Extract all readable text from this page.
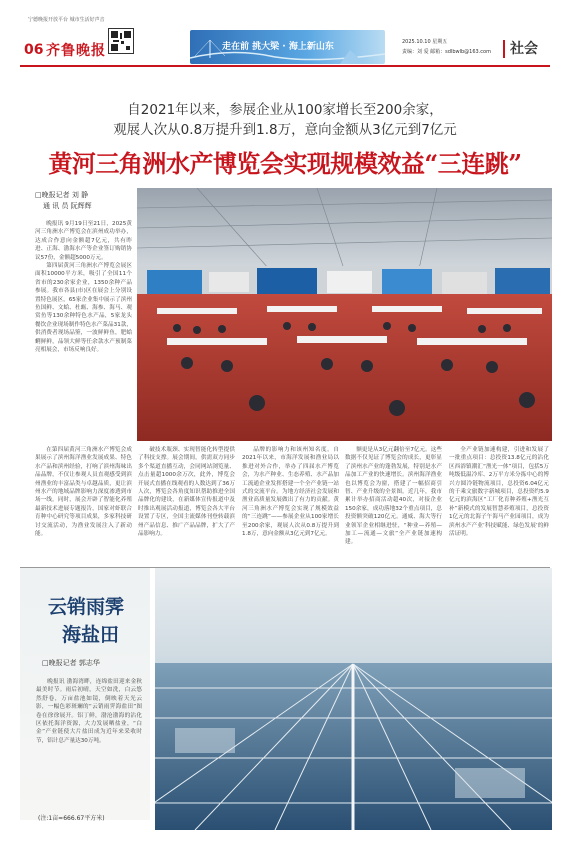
宁德晚报开放平台 城市生活好声音
06 齐鲁晚报	走在前 挑大梁 · 海上新山东	2025.10.10 星期五
责编：刘 爱 邮箱：sdlbwlb@163.com 社会
自2021年以来，参展企业从100家增长至200余家，
观展人次从0.8万提升到1.8万，意向金额从3亿元到7亿元
黄河三角洲水产博览会实现规模效益“三连跳”
□晚报记者 刘 静
通 讯 员 阮辉辉

晚报讯 9月19日至21日，2025黄河三角洲水产博览会在滨州成功举办，达成合作意向金额超7亿元，共有昨进、正海、渤海水产等企业签订购销协议57份，金额超5000万元。

第四届黄河三角洲水产博览会展区面积10000平方米，吸引了全国11个省市的230余家企业，1350余种产品参展。我市各县(市)区在展会上分别设置特色展区，65家企业集中展示了滨州鱼国鲜、文蛤、杜蛎、海参、海马、观赏鱼等130余种特色水产品，5家龙头餐饮企业现场制作特色水产菜品31款，供消费者现场品鉴，一波鲜鲜鱼，肥蛤蜊鲜鲜，品领大鲜等任余款水产预制菜亮相展会，市场反响良好。

在第四届黄河三角洲水产博览会成果展示了滨州海洋渔业发展成果、特色水产品和滨州经验，打响了滨州海味出品品牌，不仅让参观人员直观感受到滨州渔业的丰富品类与卓越品质，更让滨州水产的地域品牌影响力深度渗透到市场一线。同时，展会开辟了智能化养殖最新技术进展专题报告，国家对虾联合育种中心研究等项目成果，多家科技研讨交流活动，为渔业发展注入了新动能。

破技术瓶颈、实现智能化转型提供了科技支撑。展会期间，供需双方同步多个渠道直播互动，会同网站浏览量、点击量超1000余万次，此外，博览会开展式直播在线观看的人数达到了36万人次，博览会各角度知识帮助推进全国品牌化的建设，在新媒体宣传报道中及时推出观展活动报道，博览会各大平台设置了专区，全国主流媒体刊登转载滨州产品信息、推广产品品牌，扩大了产品影响力。

品牌的影响力和该州知名度。自2021年以来，市海洋发展和渔业局以推进对外合作，举办了四届水产博览会，为水产种业、生态养殖、水产品加工流通企业发挥搭建一个全产业链一站式的交流平台。为地方经济社会发展和渔业高质量发展做出了有力的贡献。黄河三角洲水产博览会实现了规模效益的“三连跳”——参展企业从100家增长至200余家，观展人次从0.8万提升到1.8万，意向金额从3亿元到7亿元。

额更是从3亿元翻倍至7亿元。这些数据不仅见证了博览会的成长，更彰显了滨州水产业的蓬勃发展，特别是水产品加工产业的快速增长。滨州海洋渔业也以博览会为窗，搭建了一幅招商引智、产业升级的全景图。近几年，我市累计举办招商活动超40次，对接企业150余家，成功落地32个重点项目，总投资额突破120亿元。通威、海大等行业领军企业相继进驻，“种业—养殖—加工—流通—文旅”全产业链加速构建。

全产业链加速构建，引进和发展了一批重点项目：总投资13.8亿元的沾化区西浴镇潮汇“渔光一体”项目，包括5万吨级低温冷库、2万平方米分拣中心的博兴方圆冷链物流项目，总投资6.04亿元的千乘文旅数字新城项目，总投资约5.9亿元的滨海区“工厂化育种养殖+渔光互补”新模式的发展智慧养殖项目，总投资1亿元的北海子午海马产业园项目，成为滨州水产产业‘科技赋能、绿色发展’的鲜活证明。

云销雨霁
海盐田
□晚报记者 郭志华

晚报讯 渤海湾畔，连绵盐田迎来金秋最美时节。雨后初晴，天空如洗，白云悠然舒卷，万亩盐池如镜，倒映着天光云影，一幅色彩斑斓的“云销雨霁海盐田”图卷在徐徐展开。铝丁鲜，渤沧渤海的沾化区依托海洋资源，大力发展晒盐业，“白金”产业链使大片盐田成为近年来采收时节，铝计总产量达30万吨。

(注:1亩=666.67平方米)
